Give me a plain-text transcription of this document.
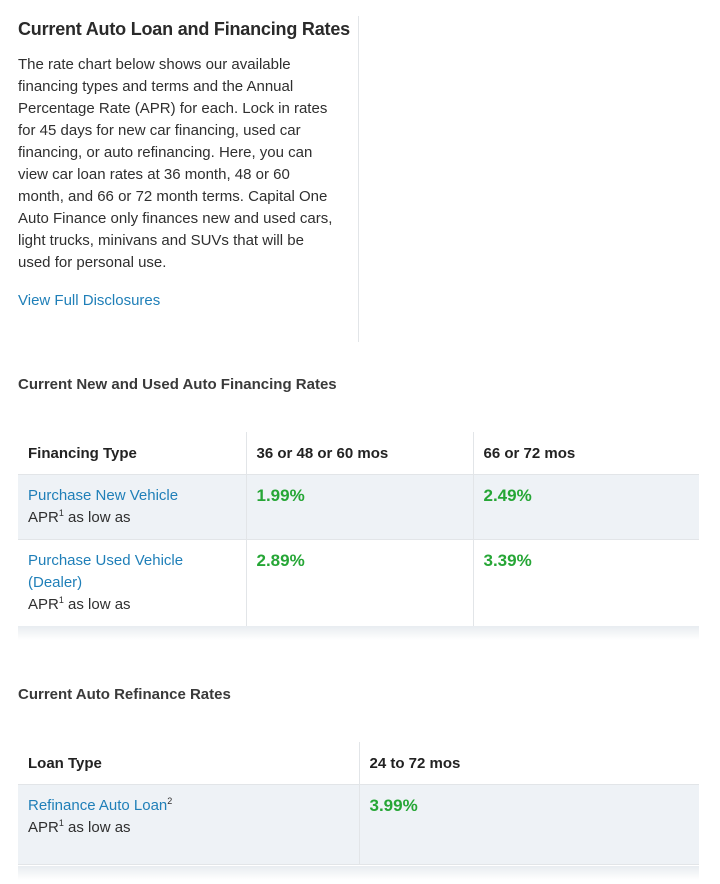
Current Auto Loan and Financing Rates

The rate chart below shows our available financing types and terms and the Annual Percentage Rate (APR) for each. Lock in rates for 45 days for new car financing, used car financing, or auto refinancing. Here, you can view car loan rates at 36 month, 48 or 60 month, and 66 or 72 month terms. Capital One Auto Finance only finances new and used cars, light trucks, minivans and SUVs that will be used for personal use.

View Full Disclosures
Current New and Used Auto Financing Rates
Financing Type	36 or 48 or 60 mos	66 or 72 mos

Purchase New Vehicle
APR$^1$ as low as	1.99%	2.49%

Purchase Used Vehicle (Dealer)
APR$^1$ as low as	2.89%	3.39%
Current Auto Refinance Rates
Loan Type	24 to 72 mos

Refinance Auto Loan$^2$
APR$^1$ as low as	3.99%
